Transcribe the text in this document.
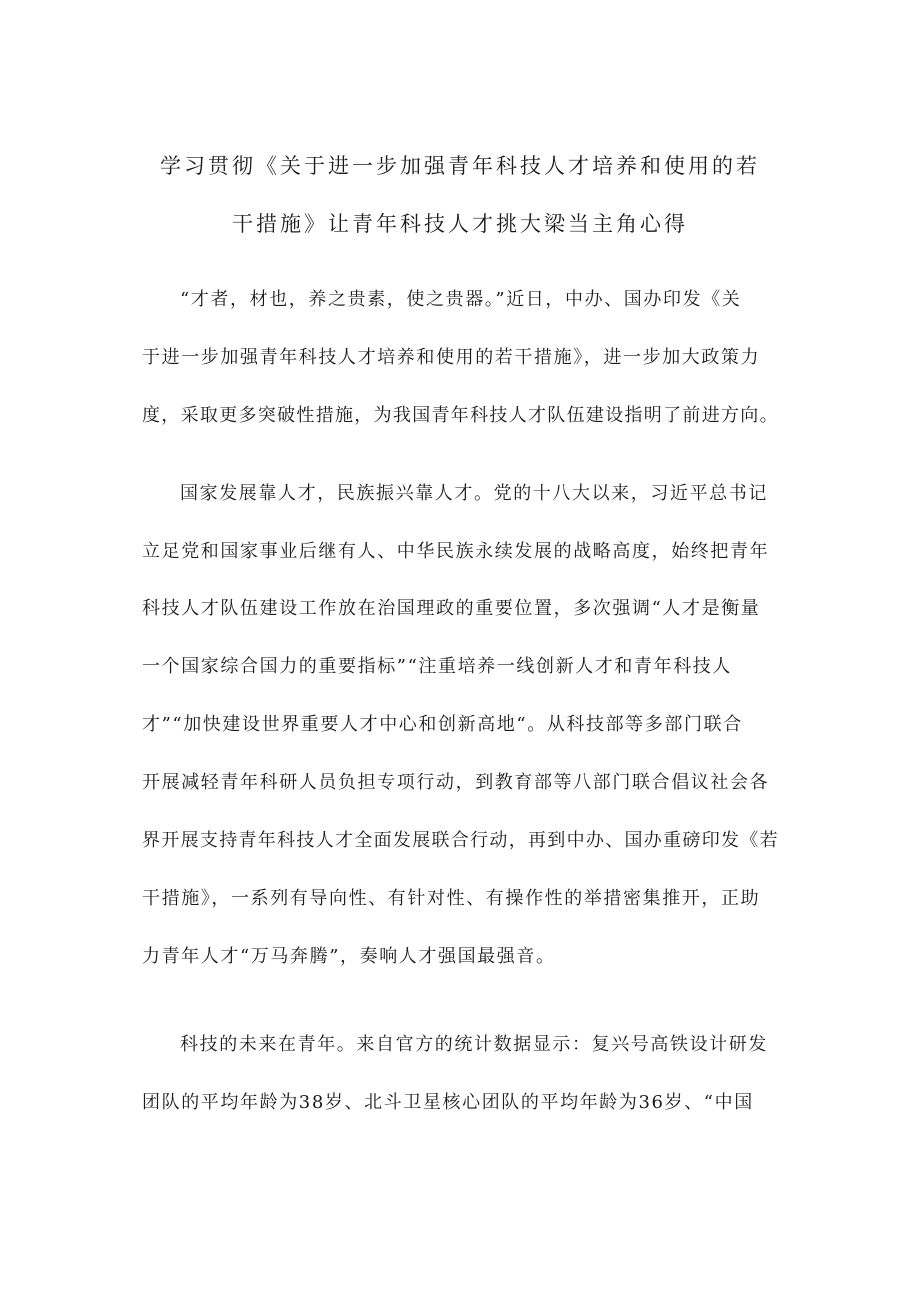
学习贯彻《关于进一步加强青年科技人才培养和使用的若
干措施》让青年科技人才挑大梁当主角心得
“才者，材也，养之贵素，使之贵器。”近日，中办、国办印发《关
于进一步加强青年科技人才培养和使用的若干措施》，进一步加大政策力
度，采取更多突破性措施，为我国青年科技人才队伍建设指明了前进方向。
国家发展靠人才，民族振兴靠人才。党的十八大以来，习近平总书记
立足党和国家事业后继有人、中华民族永续发展的战略高度，始终把青年
科技人才队伍建设工作放在治国理政的重要位置，多次强调“人才是衡量
一个国家综合国力的重要指标”“注重培养一线创新人才和青年科技人
才”“加快建设世界重要人才中心和创新高地“。从科技部等多部门联合
开展减轻青年科研人员负担专项行动，到教育部等八部门联合倡议社会各
界开展支持青年科技人才全面发展联合行动，再到中办、国办重磅印发《若
干措施》，一系列有导向性、有针对性、有操作性的举措密集推开，正助
力青年人才“万马奔腾”，奏响人才强国最强音。
科技的未来在青年。来自官方的统计数据显示：复兴号高铁设计研发
团队的平均年龄为38岁、北斗卫星核心团队的平均年龄为36岁、“中国
